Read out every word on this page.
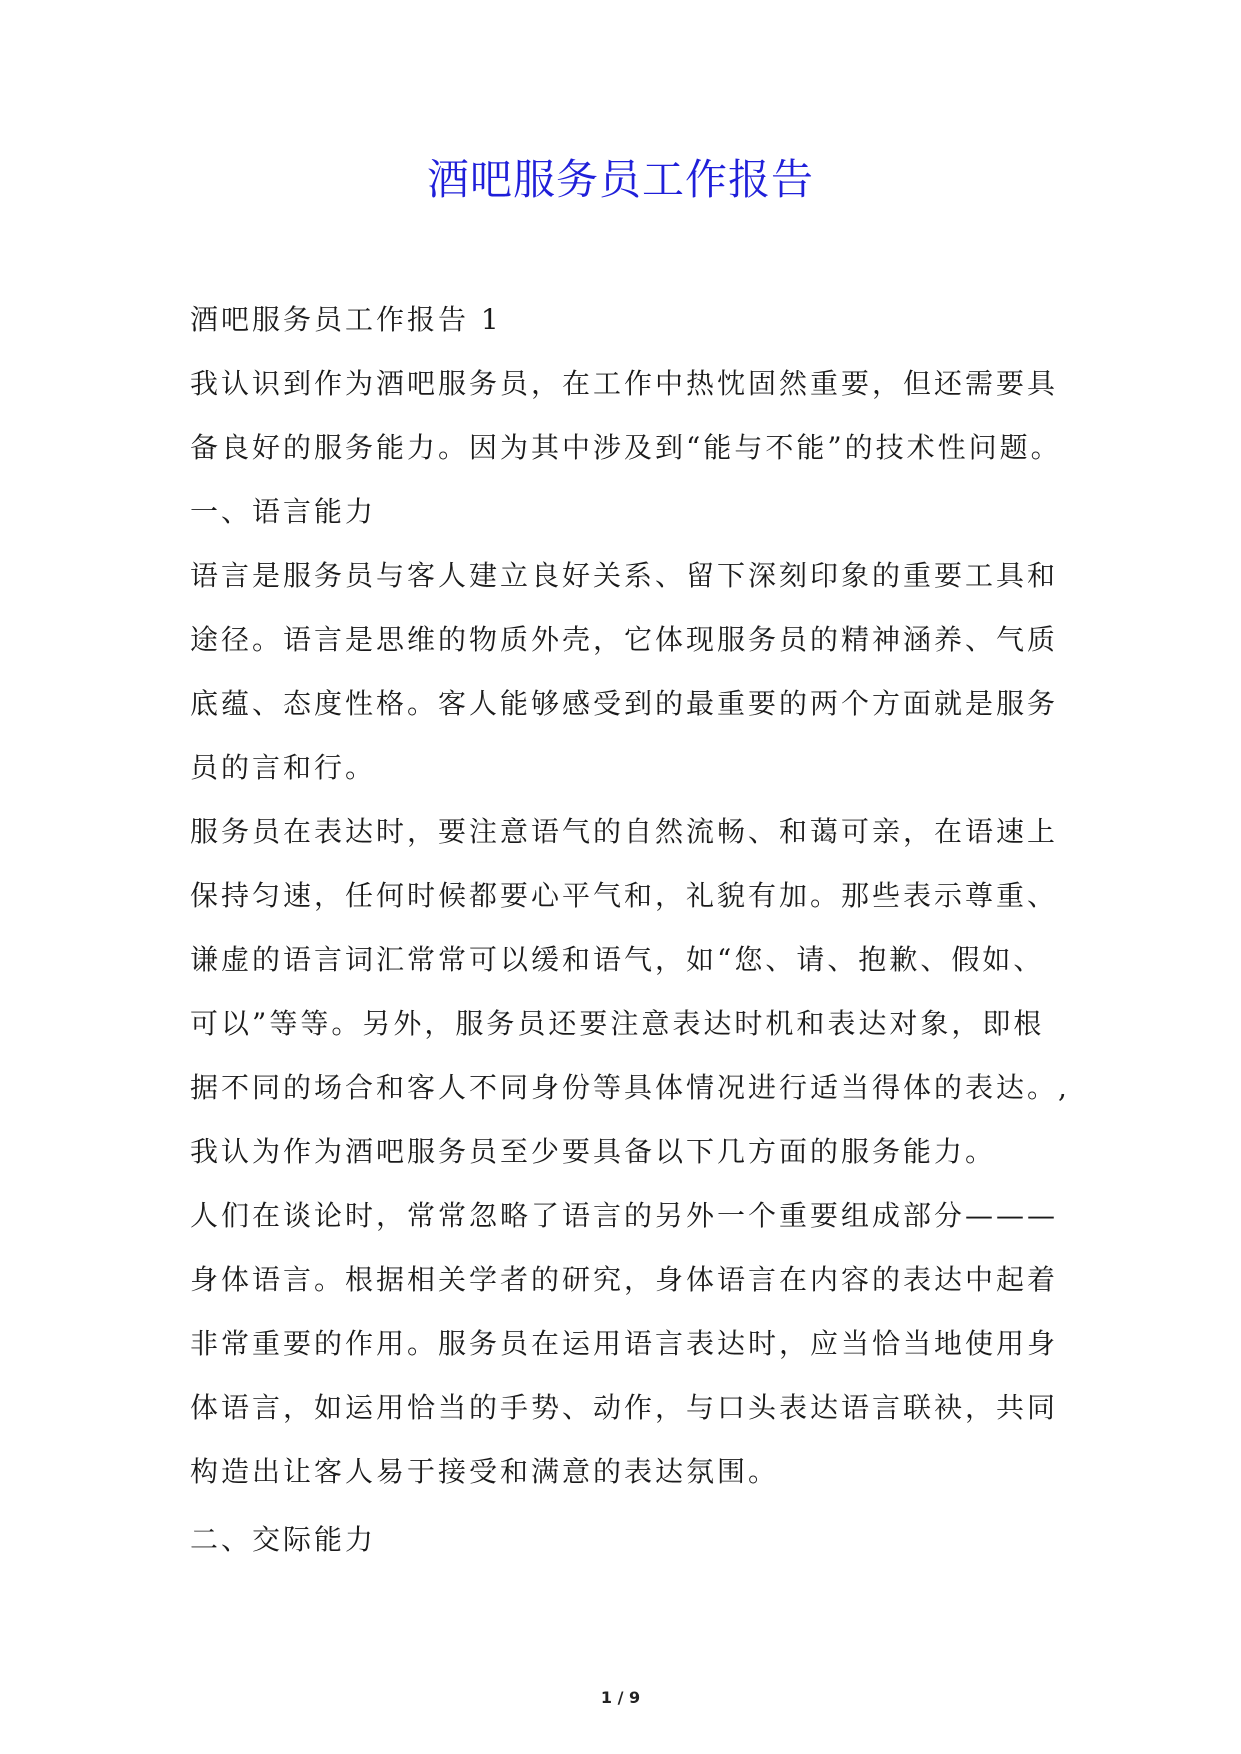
酒吧服务员工作报告
酒吧服务员工作报告 1
我认识到作为酒吧服务员，在工作中热忱固然重要，但还需要具
备良好的服务能力。因为其中涉及到“能与不能”的技术性问题。
一、语言能力
语言是服务员与客人建立良好关系、留下深刻印象的重要工具和
途径。语言是思维的物质外壳，它体现服务员的精神涵养、气质
底蕴、态度性格。客人能够感受到的最重要的两个方面就是服务
员的言和行。
服务员在表达时，要注意语气的自然流畅、和蔼可亲，在语速上
保持匀速，任何时候都要心平气和，礼貌有加。那些表示尊重、
谦虚的语言词汇常常可以缓和语气，如“您、请、抱歉、假如、
可以”等等。另外，服务员还要注意表达时机和表达对象，即根
据不同的场合和客人不同身份等具体情况进行适当得体的表达。,
我认为作为酒吧服务员至少要具备以下几方面的服务能力。
人们在谈论时，常常忽略了语言的另外一个重要组成部分———
身体语言。根据相关学者的研究，身体语言在内容的表达中起着
非常重要的作用。服务员在运用语言表达时，应当恰当地使用身
体语言，如运用恰当的手势、动作，与口头表达语言联袂，共同
构造出让客人易于接受和满意的表达氛围。
二、交际能力
1 / 9
